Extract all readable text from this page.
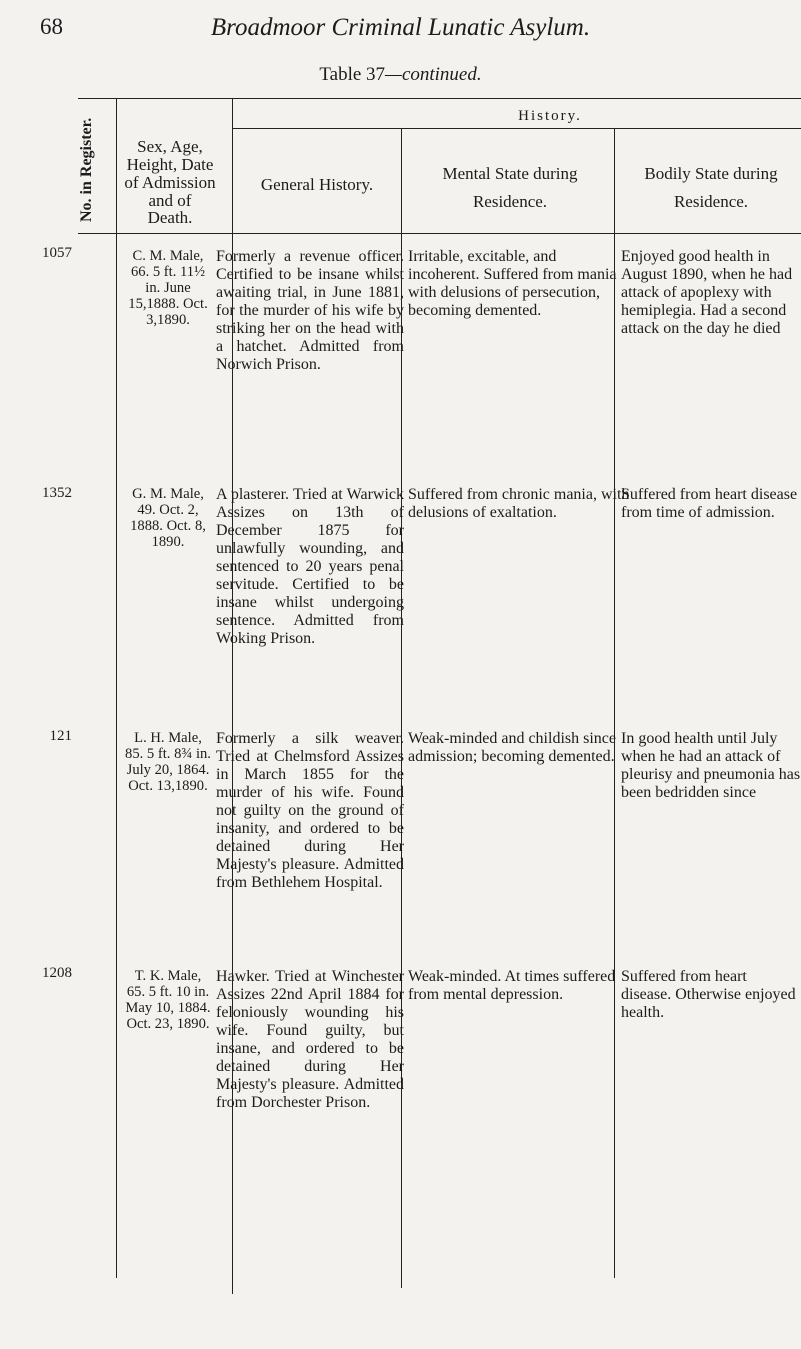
68	Broadmoor Criminal Lunatic Asylum.
Table 37—continued.
No. in Register.	Sex, Age, Height, Date of Admission and of Death.
History.
General History.
Mental State during Residence.
Bodily State during Residence.
1057	C. M. Male, 66. 5 ft. 11½ in. June 15,1888. Oct. 3,1890.
Formerly a revenue officer. Certified to be insane whilst awaiting trial, in June 1881, for the murder of his wife by striking her on the head with a hatchet. Admitted from Norwich Prison.
Irritable, excitable, and incoherent. Suffered from mania with delusions of persecution, becoming demented.
Enjoyed good health in August 1890, when he had attack of apoplexy with hemiplegia. Had a second attack on the day he died
1352	G. M. Male, 49. Oct. 2, 1888. Oct. 8, 1890.
A plasterer. Tried at Warwick Assizes on 13th of December 1875 for unlawfully wounding, and sentenced to 20 years penal servitude. Certified to be insane whilst undergoing sentence. Admitted from Woking Prison.
Suffered from chronic mania, with delusions of exaltation.
Suffered from heart disease from time of admission.
121	L. H. Male, 85. 5 ft. 8¾ in. July 20, 1864. Oct. 13,1890.
Formerly a silk weaver. Tried at Chelmsford Assizes in March 1855 for the murder of his wife. Found not guilty on the ground of insanity, and ordered to be detained during Her Majesty's pleasure. Admitted from Bethlehem Hospital.
Weak-minded and childish since admission; becoming demented.
In good health until July when he had an attack of pleurisy and pneumonia has been bedridden since
1208	T. K. Male, 65. 5 ft. 10 in. May 10, 1884. Oct. 23, 1890.
Hawker. Tried at Winchester Assizes 22nd April 1884 for feloniously wounding his wife. Found guilty, but insane, and ordered to be detained during Her Majesty's pleasure. Admitted from Dorchester Prison.
Weak-minded. At times suffered from mental depression.
Suffered from heart disease. Otherwise enjoyed health.
